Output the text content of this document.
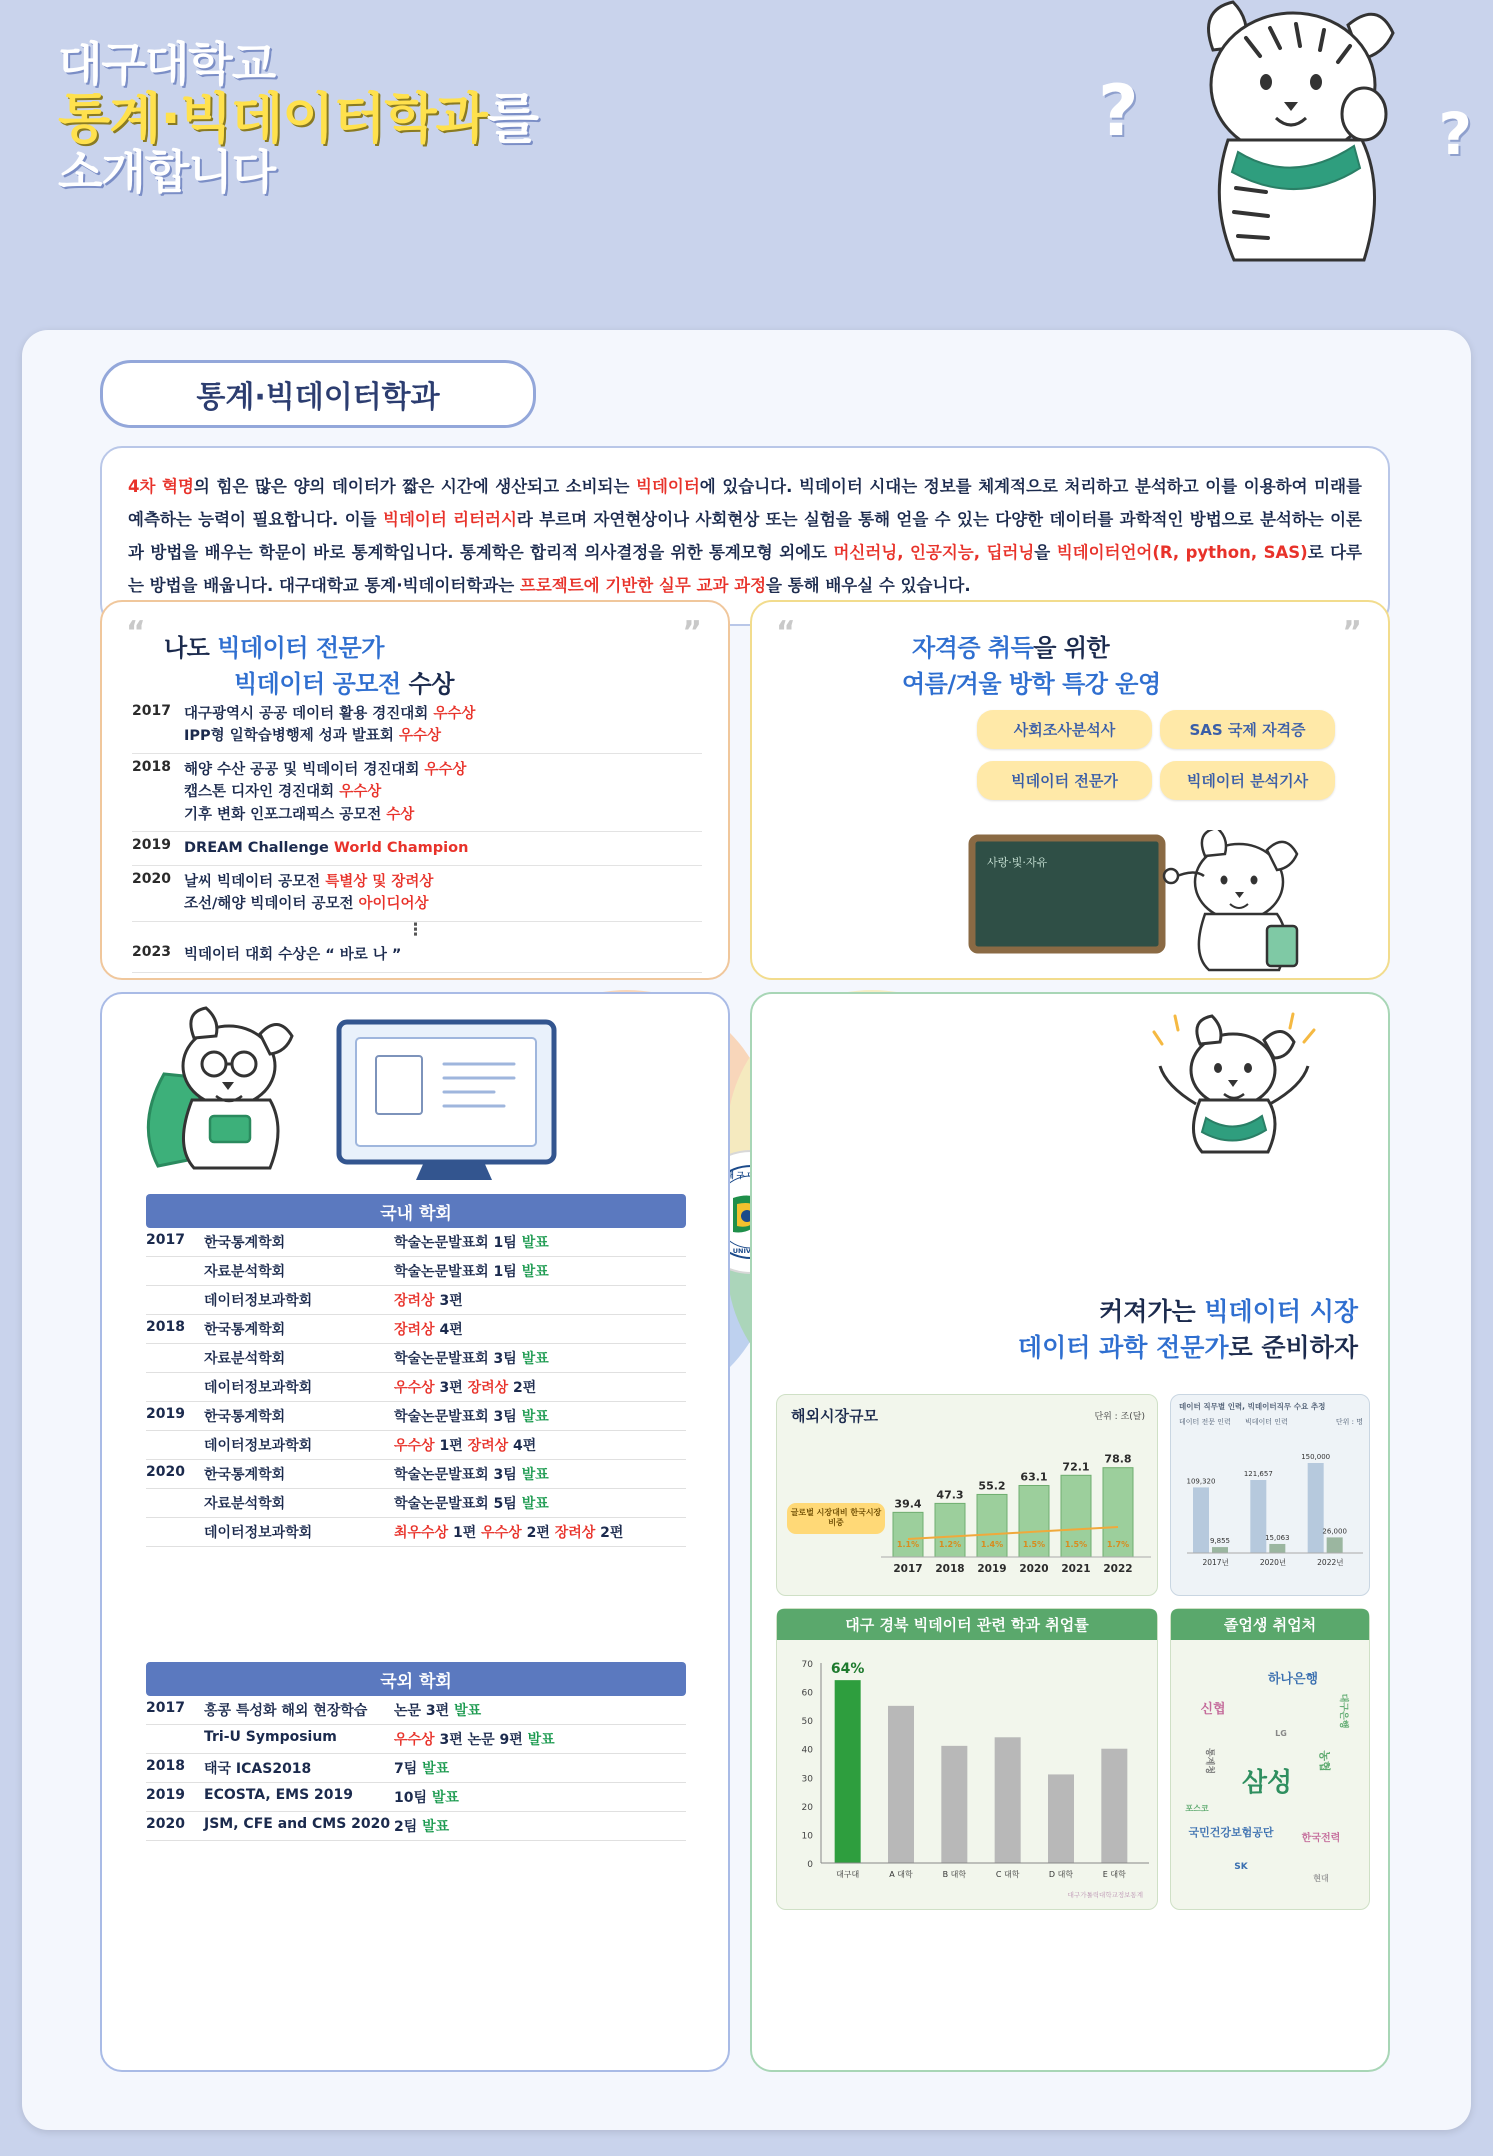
대구대학교
통계·빅데이터학과를
소개합니다
?	?
통계·빅데이터학과
4차 혁명의 힘은 많은 양의 데이터가 짧은 시간에 생산되고 소비되는 빅데이터에 있습니다. 빅데이터 시대는 정보를 체계적으로 처리하고 분석하고 이를 이용하여 미래를 예측하는 능력이 필요합니다. 이들 빅데이터 리터러시라 부르며 자연현상이나 사회현상 또는 실험을 통해 얻을 수 있는 다양한 데이터를 과학적인 방법으로 분석하는 이론과 방법을 배우는 학문이 바로 통계학입니다. 통계학은 합리적 의사결정을 위한 통계모형 외에도 머신러닝, 인공지능, 딥러닝을 빅데이터언어(R, python, SAS)로 다루는 방법을 배웁니다. 대구대학교 통계·빅데이터학과는 프로젝트에 기반한 실무 교과 과정을 통해 배우실 수 있습니다.
“	”
나도 빅데이터 전문가
빅데이터 공모전 수상
2017 대구광역시 공공 데이터 활용 경진대회 우수상
IPP형 일학습병행제 성과 발표회 우수상
2018 해양 수산 공공 및 빅데이터 경진대회 우수상
캡스톤 디자인 경진대회 우수상
기후 변화 인포그래픽스 공모전 수상
2019 DREAM Challenge World Champion
2020 날씨 빅데이터 공모전 특별상 및 장려상
조선/해양 빅데이터 공모전 아이디어상
⋮
2023 빅데이터 대회 수상은 “ 바로 나 ”
“	”
자격증 취득을 위한
여름/겨울 방학 특강 운영
사회조사분석사	SAS 국제 자격증 빅데이터 전문가	빅데이터 분석기사
사랑·빛·자유
구
국내 학회
2017	한국통계학회	학술논문발표회 1팀 발표
자료분석학회	학술논문발표회 1팀 발표
데이터정보과학회	장려상 3편
2018	한국통계학회	장려상 4편
자료분석학회	학술논문발표회 3팀 발표
데이터정보과학회	우수상 3편 장려상 2편
2019	한국통계학회	학술논문발표회 3팀 발표
데이터정보과학회	우수상 1편 장려상 4편
2020	한국통계학회	학술논문발표회 3팀 발표
자료분석학회	학술논문발표회 5팀 발표
데이터정보과학회	최우수상 1편 우수상 2편 장려상 2편
국외 학회
2017	홍콩 특성화 해외 현장학습	논문 3편 발표
Tri-U Symposium	우수상 3편 논문 9편 발표
2018	태국 ICAS2018	7팀 발표
2019	ECOSTA, EMS 2019	10팀 발표
2020	JSM, CFE and CMS 2020 2팀 발표
커져가는 빅데이터 시장
데이터 과학 전문가로 준비하자
해외시장규모	단위 : 조(달)
39.4
2017
1.1%
47.3
2018
1.2%
55.2
2019
1.4%
63.1
2020
1.5%
72.1
2021
1.5%
78.8
2022
1.7%
글로벌 시장대비 한국시장 비중
데이터 직무별 인력, 빅데이터직무 수요 추정
데이터 전문 인력 빅데이터 인력	단위 : 명
109,320
9,855
2017년
121,657
15,063
2020년
150,000
26,000
2022년
대구 경북 빅데이터 관련 학과 취업률
0
10
20
30
40
50
60
70 64%
대구대	A 대학	B 대학	C 대학	D 대학	E 대학
대구가톨릭대학교정보통계
졸업생 취업처
하나은행
신협
농협
삼성
국민건강보험공단	한국전력
통계청
대구은행
LG
SK
현대
포스코
